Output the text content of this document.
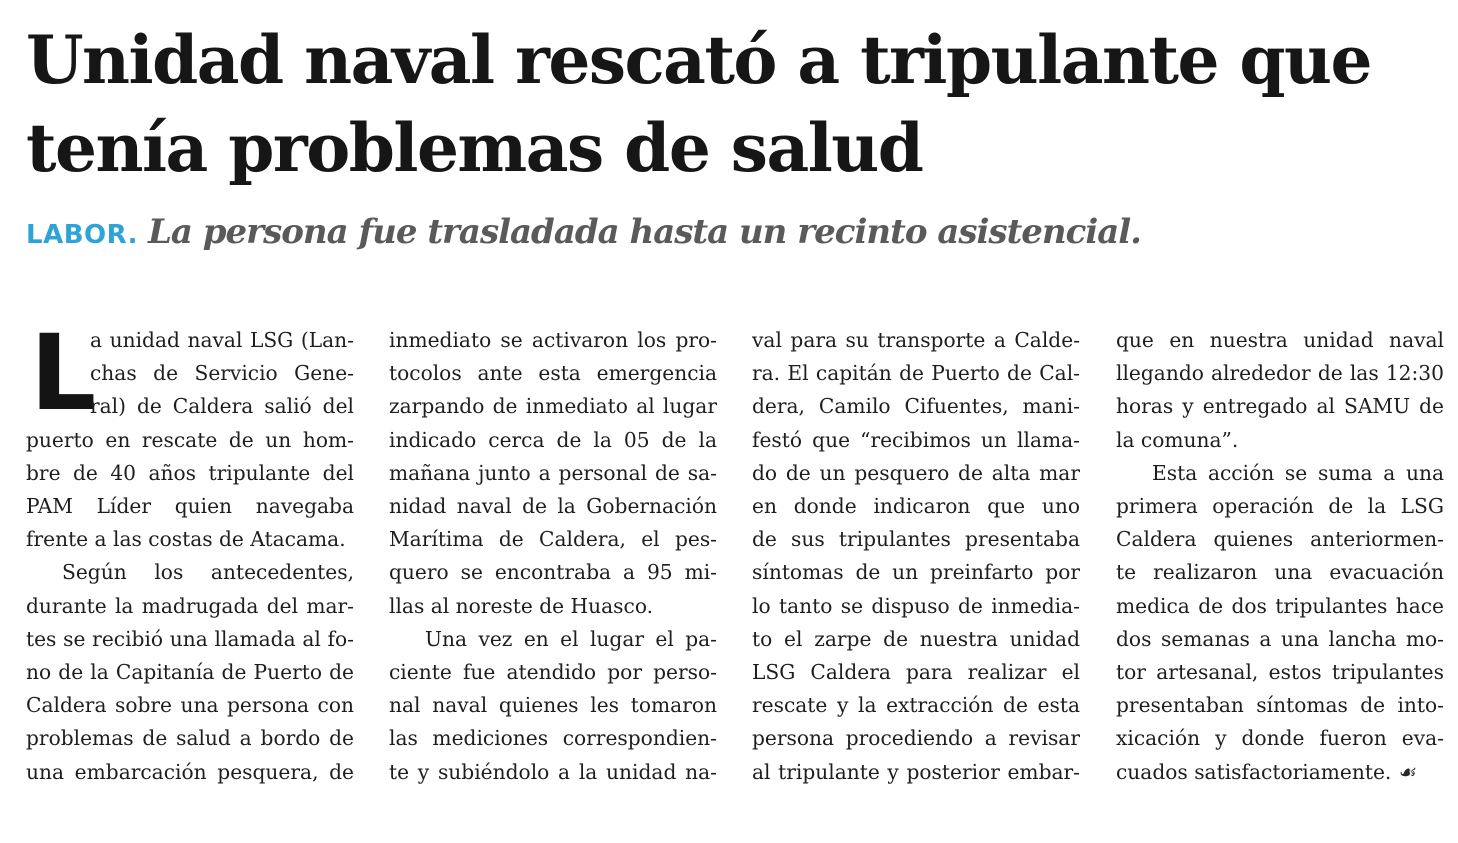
Unidad naval rescató a tripulante que
tenía problemas de salud
LABOR. La persona fue trasladada hasta un recinto asistencial.
L
a unidad naval LSG (Lan-
chas de Servicio Gene-
ral) de Caldera salió del
puerto en rescate de un hom-
bre de 40 años tripulante del
PAM Líder quien navegaba
frente a las costas de Atacama.
Según los antecedentes,
durante la madrugada del mar-
tes se recibió una llamada al fo-
no de la Capitanía de Puerto de
Caldera sobre una persona con
problemas de salud a bordo de
una embarcación pesquera, de
inmediato se activaron los pro-
tocolos ante esta emergencia
zarpando de inmediato al lugar
indicado cerca de la 05 de la
mañana junto a personal de sa-
nidad naval de la Gobernación
Marítima de Caldera, el pes-
quero se encontraba a 95 mi-
llas al noreste de Huasco.
Una vez en el lugar el pa-
ciente fue atendido por perso-
nal naval quienes les tomaron
las mediciones correspondien-
te y subiéndolo a la unidad na-
val para su transporte a Calde-
ra. El capitán de Puerto de Cal-
dera, Camilo Cifuentes, mani-
festó que “recibimos un llama-
do de un pesquero de alta mar
en donde indicaron que uno
de sus tripulantes presentaba
síntomas de un preinfarto por
lo tanto se dispuso de inmedia-
to el zarpe de nuestra unidad
LSG Caldera para realizar el
rescate y la extracción de esta
persona procediendo a revisar
al tripulante y posterior embar-
que en nuestra unidad naval
llegando alrededor de las 12:30
horas y entregado al SAMU de
la comuna”.
Esta acción se suma a una
primera operación de la LSG
Caldera quienes anteriormen-
te realizaron una evacuación
medica de dos tripulantes hace
dos semanas a una lancha mo-
tor artesanal, estos tripulantes
presentaban síntomas de into-
xicación y donde fueron eva-
cuados satisfactoriamente. ☙
